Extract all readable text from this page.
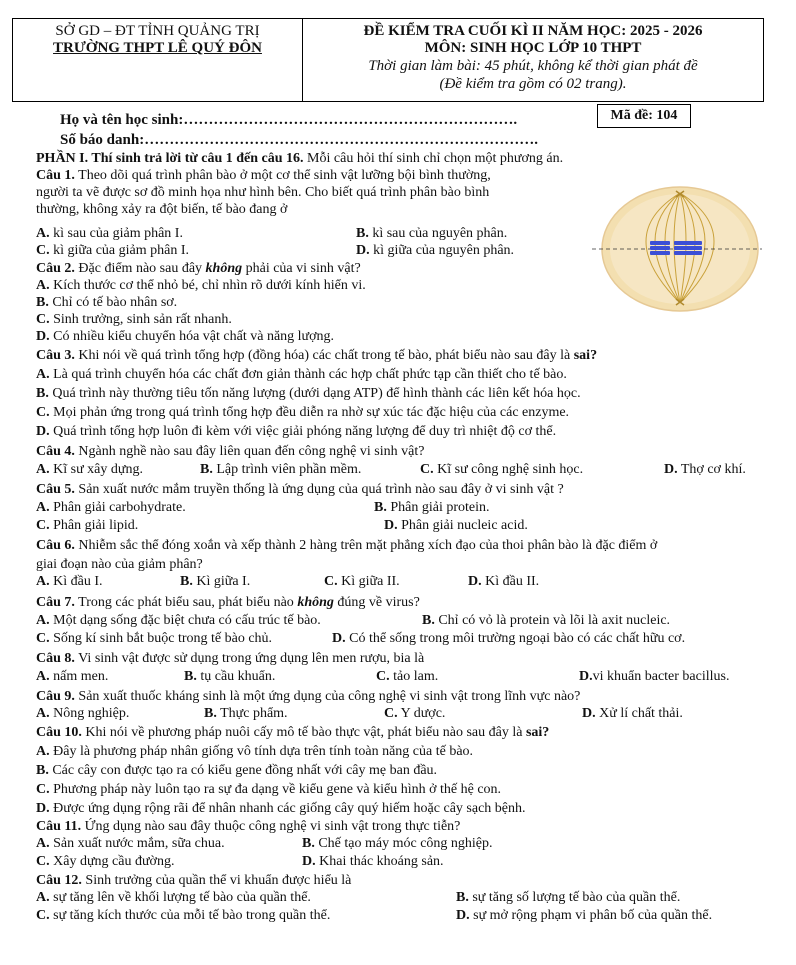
SỞ GD – ĐT TỈNH QUẢNG TRỊ
TRƯỜNG THPT LÊ QUÝ ĐÔN
ĐỀ KIỂM TRA CUỐI KÌ II NĂM HỌC: 2025 - 2026
MÔN: SINH HỌC LỚP 10 THPT
Thời gian làm bài: 45 phút, không kể thời gian phát đề
(Đề kiểm tra gồm có 02 trang).
Họ và tên học sinh:………………………………………………………….
Số báo danh:…………………………………………………………………….
Mã đề: 104
PHẦN I. Thí sinh trả lời từ câu 1 đến câu 16. Mỗi câu hỏi thí sinh chỉ chọn một phương án.
Câu 1. Theo dõi quá trình phân bào ở một cơ thể sinh vật lưỡng bội bình thường,
người ta vẽ được sơ đồ minh họa như hình bên. Cho biết quá trình phân bào bình
thường, không xảy ra đột biến, tế bào đang ở
A. kì sau của giảm phân I.	B. kì sau của nguyên phân.
C. kì giữa của giảm phân I.	D. kì giữa của nguyên phân.
Câu 2. Đặc điểm nào sau đây không phải của vi sinh vật?
A. Kích thước cơ thể nhỏ bé, chỉ nhìn rõ dưới kính hiển vi.
B. Chỉ có tế bào nhân sơ.
C. Sinh trưởng, sinh sản rất nhanh.
D. Có nhiều kiểu chuyển hóa vật chất và năng lượng.
Câu 3. Khi nói về quá trình tổng hợp (đồng hóa) các chất trong tế bào, phát biểu nào sau đây là sai?
A. Là quá trình chuyển hóa các chất đơn giản thành các hợp chất phức tạp cần thiết cho tế bào.
B. Quá trình này thường tiêu tốn năng lượng (dưới dạng ATP) để hình thành các liên kết hóa học.
C. Mọi phản ứng trong quá trình tổng hợp đều diễn ra nhờ sự xúc tác đặc hiệu của các enzyme.
D. Quá trình tổng hợp luôn đi kèm với việc giải phóng năng lượng để duy trì nhiệt độ cơ thể.
Câu 4. Ngành nghề nào sau đây liên quan đến công nghệ vi sinh vật?
A. Kĩ sư xây dựng.	B. Lập trình viên phần mềm.	C. Kĩ sư công nghệ sinh học.	D. Thợ cơ khí.
Câu 5. Sản xuất nước mắm truyền thống là ứng dụng của quá trình nào sau đây ở vi sinh vật ?
A. Phân giải carbohydrate.	B. Phân giải protein.
C. Phân giải lipid.	D. Phân giải nucleic acid.
Câu 6. Nhiễm sắc thể đóng xoắn và xếp thành 2 hàng trên mặt phẳng xích đạo của thoi phân bào là đặc điểm ở
giai đoạn nào của giảm phân?
A. Kì đầu I.	B. Kì giữa I.	C. Kì giữa II.	D. Kì đầu II.
Câu 7. Trong các phát biểu sau, phát biểu nào không đúng về virus?
A. Một dạng sống đặc biệt chưa có cấu trúc tế bào.	B. Chỉ có vỏ là protein và lõi là axit nucleic.
C. Sống kí sinh bắt buộc trong tế bào chủ.	D. Có thể sống trong môi trường ngoại bào có các chất hữu cơ.
Câu 8. Vi sinh vật được sử dụng trong ứng dụng lên men rượu, bia là
A. nấm men.	B. tụ cầu khuẩn.	C. tảo lam.	D.vi khuẩn bacter bacillus.
Câu 9. Sản xuất thuốc kháng sinh là một ứng dụng của công nghệ vi sinh vật trong lĩnh vực nào?
A. Nông nghiệp.	B. Thực phẩm.	C. Y dược.	D. Xử lí chất thải.
Câu 10. Khi nói về phương pháp nuôi cấy mô tế bào thực vật, phát biểu nào sau đây là sai?
A. Đây là phương pháp nhân giống vô tính dựa trên tính toàn năng của tế bào.
B. Các cây con được tạo ra có kiểu gene đồng nhất với cây mẹ ban đầu.
C. Phương pháp này luôn tạo ra sự đa dạng về kiểu gene và kiểu hình ở thế hệ con.
D. Được ứng dụng rộng rãi để nhân nhanh các giống cây quý hiếm hoặc cây sạch bệnh.
Câu 11. Ứng dụng nào sau đây thuộc công nghệ vi sinh vật trong thực tiễn?
A. Sản xuất nước mắm, sữa chua.	B. Chế tạo máy móc công nghiệp.
C. Xây dựng cầu đường.	D. Khai thác khoáng sản.
Câu 12. Sinh trưởng của quần thể vi khuẩn được hiểu là
A. sự tăng lên về khối lượng tế bào của quần thể.	B. sự tăng số lượng tế bào của quần thể.
C. sự tăng kích thước của mỗi tế bào trong quần thể.	D. sự mở rộng phạm vi phân bố của quần thể.
